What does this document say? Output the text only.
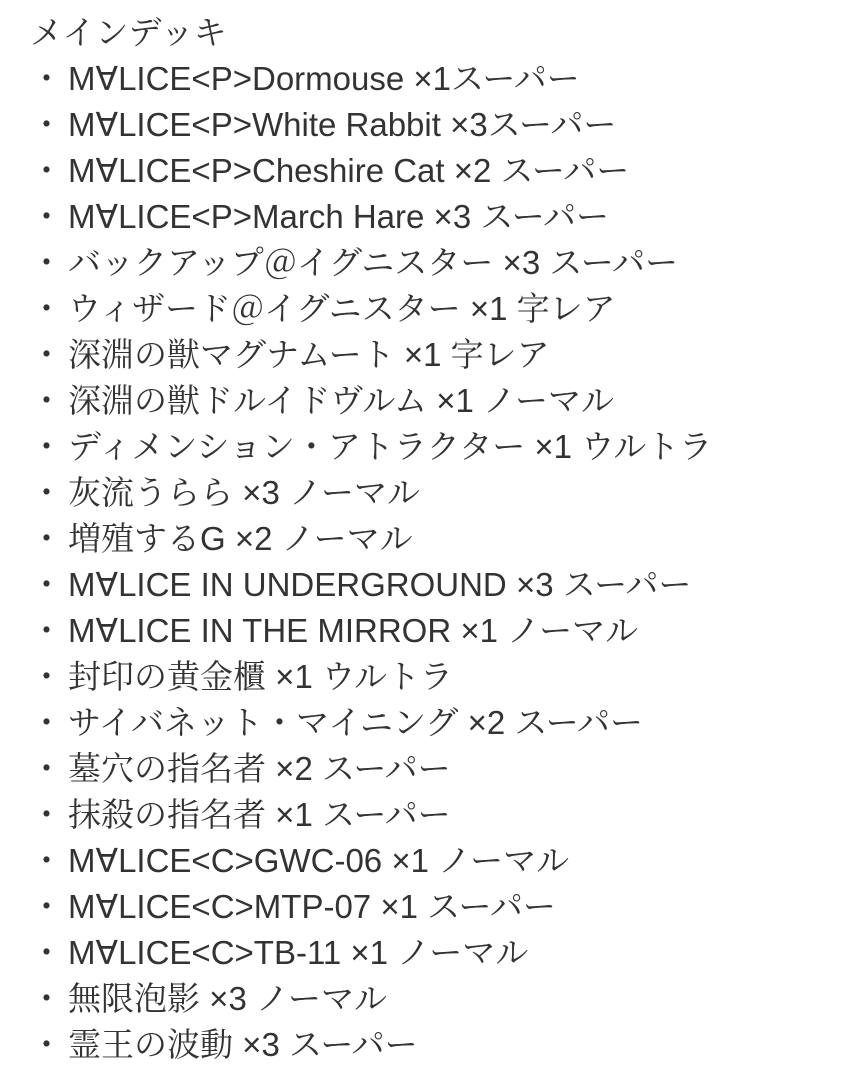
メインデッキ
・ M∀LICE<P>Dormouse ×1スーパー
・ M∀LICE<P>White Rabbit ×3スーパー
・ M∀LICE<P>Cheshire Cat ×2 スーパー
・ M∀LICE<P>March Hare ×3 スーパー
・ バックアップ＠イグニスター ×3 スーパー
・ ウィザード＠イグニスター ×1 字レア
・ 深淵の獣マグナムート ×1 字レア
・ 深淵の獣ドルイドヴルム ×1 ノーマル
・ ディメンション・アトラクター ×1 ウルトラ
・ 灰流うらら ×3 ノーマル
・ 増殖するG ×2 ノーマル
・ M∀LICE IN UNDERGROUND ×3 スーパー
・ M∀LICE IN THE MIRROR ×1 ノーマル
・ 封印の黄金櫃 ×1 ウルトラ
・ サイバネット・マイニング ×2 スーパー
・ 墓穴の指名者 ×2 スーパー
・ 抹殺の指名者 ×1 スーパー
・ M∀LICE<C>GWC-06 ×1 ノーマル
・ M∀LICE<C>MTP-07 ×1 スーパー
・ M∀LICE<C>TB-11 ×1 ノーマル
・ 無限泡影 ×3 ノーマル
・ 霊王の波動 ×3 スーパー
